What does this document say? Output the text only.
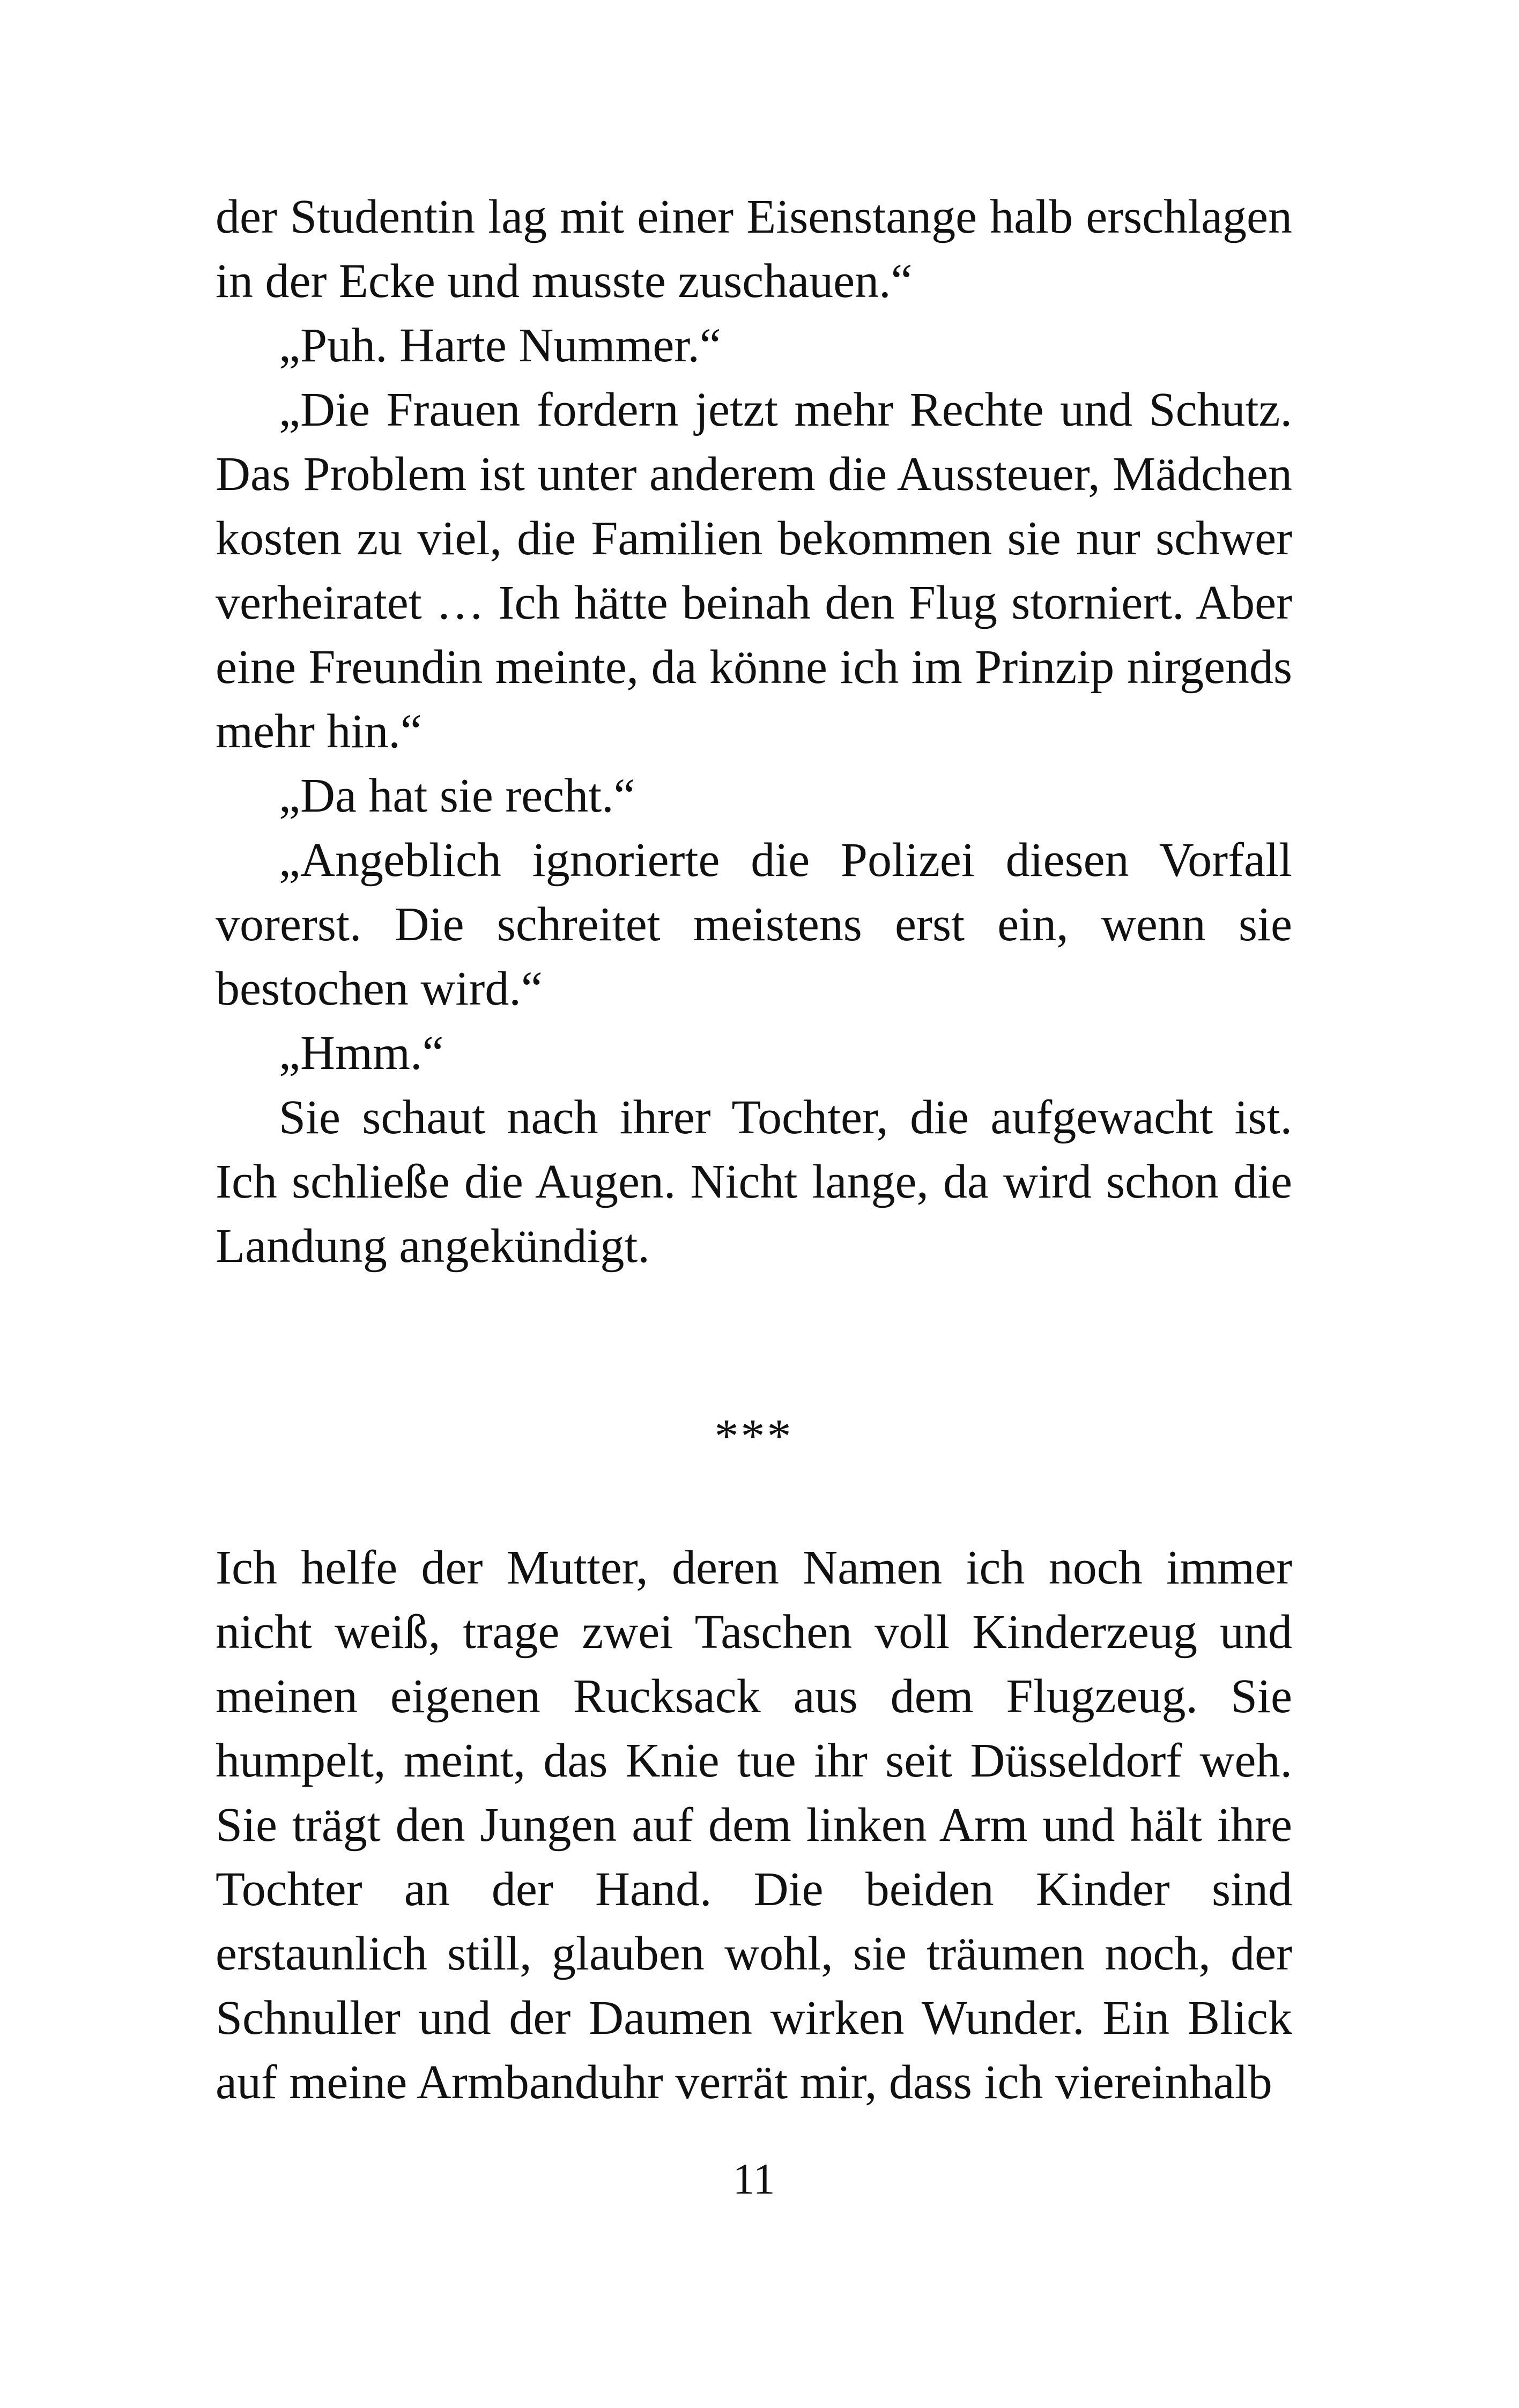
der Studentin lag mit einer Eisenstange halb erschlagen in der Ecke und musste zuschauen.“

„Puh. Harte Nummer.“

„Die Frauen fordern jetzt mehr Rechte und Schutz. Das Problem ist unter anderem die Aussteuer, Mädchen kosten zu viel, die Familien bekommen sie nur schwer verheiratet … Ich hätte beinah den Flug storniert. Aber eine Freundin meinte, da könne ich im Prinzip nirgends mehr hin.“

„Da hat sie recht.“

„Angeblich ignorierte die Polizei diesen Vorfall vorerst. Die schreitet meistens erst ein, wenn sie bestochen wird.“

„Hmm.“

Sie schaut nach ihrer Tochter, die aufgewacht ist. Ich schließe die Augen. Nicht lange, da wird schon die Landung angekündigt.

***

Ich helfe der Mutter, deren Namen ich noch immer nicht weiß, trage zwei Taschen voll Kinderzeug und meinen eigenen Rucksack aus dem Flugzeug. Sie humpelt, meint, das Knie tue ihr seit Düsseldorf weh. Sie trägt den Jungen auf dem linken Arm und hält ihre Tochter an der Hand. Die beiden Kinder sind erstaunlich still, glauben wohl, sie träumen noch, der Schnuller und der Daumen wirken Wunder. Ein Blick auf meine Armbanduhr verrät mir, dass ich viereinhalb

11
